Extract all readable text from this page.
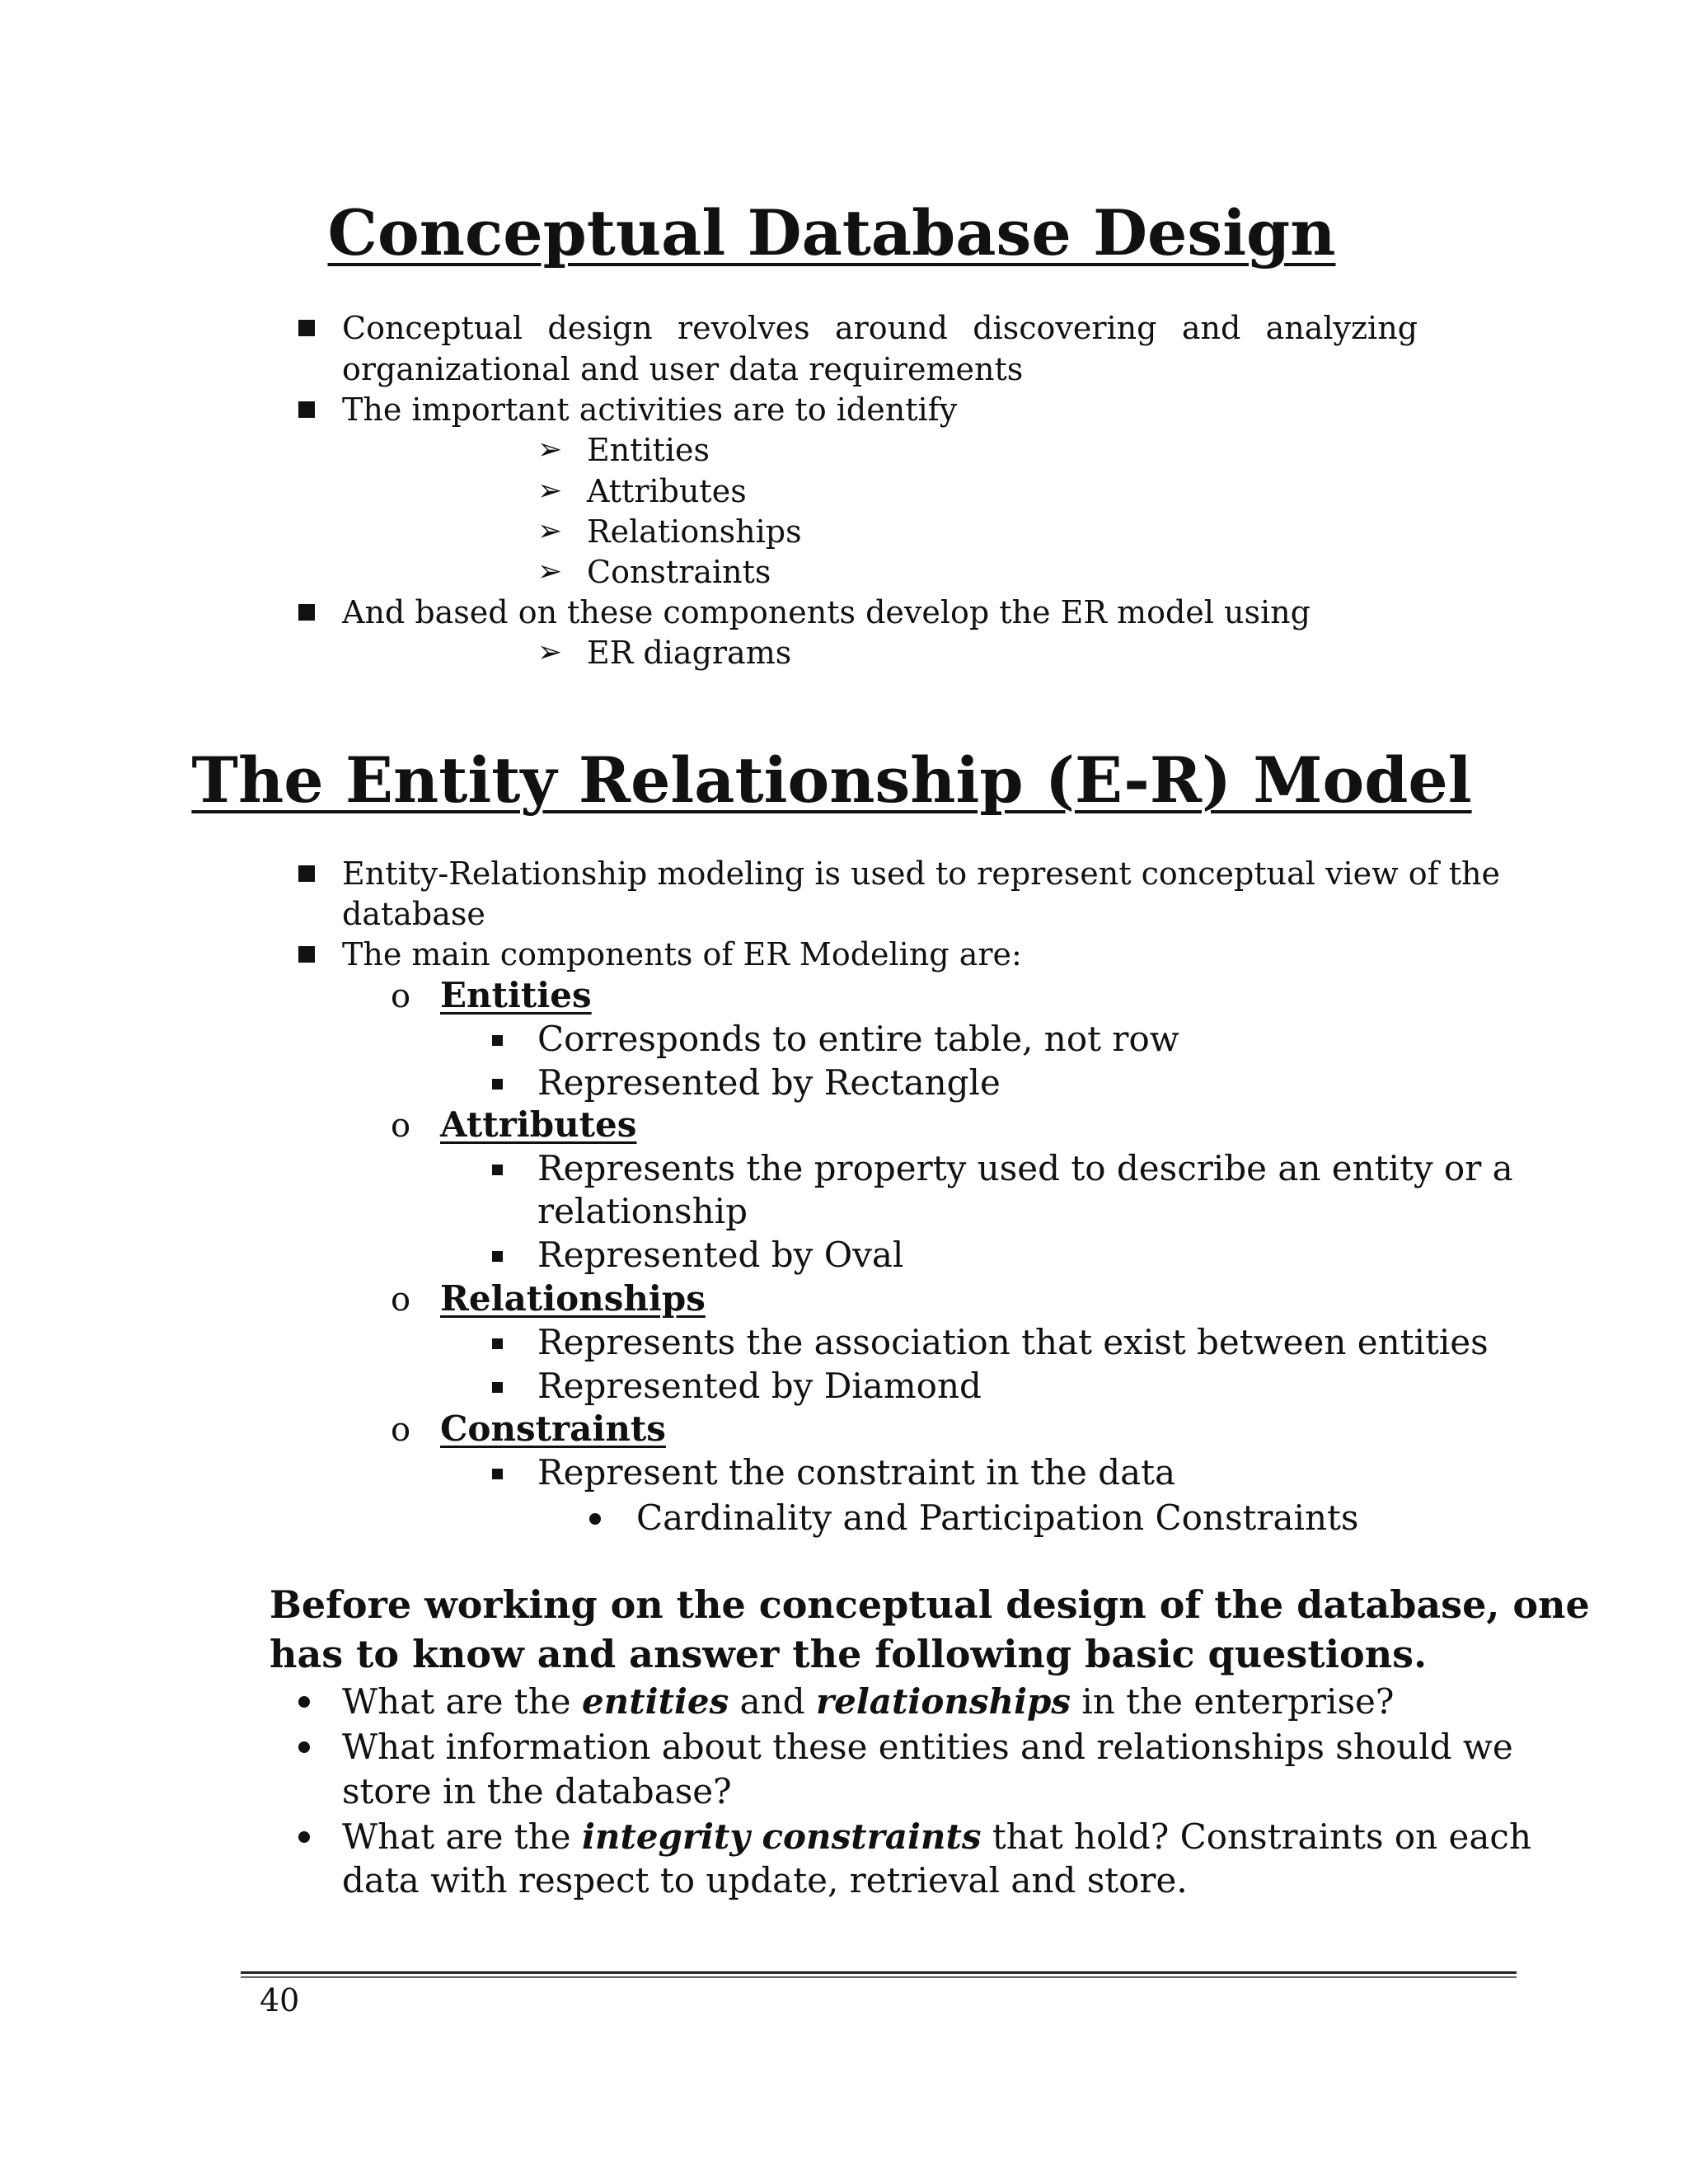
Conceptual Database Design
Conceptual design revolves around discovering and analyzing
organizational and user data requirements
The important activities are to identify
➢ Entities
➢ Attributes
➢ Relationships
➢ Constraints
And based on these components develop the ER model using
➢ ER diagrams
The Entity Relationship (E-R) Model
Entity-Relationship modeling is used to represent conceptual view of the
database
The main components of ER Modeling are:
o Entities
Corresponds to entire table, not row
Represented by Rectangle
o Attributes
Represents the property used to describe an entity or a
relationship
Represented by Oval
o Relationships
Represents the association that exist between entities
Represented by Diamond
o Constraints
Represent the constraint in the data
Cardinality and Participation Constraints
Before working on the conceptual design of the database, one
has to know and answer the following basic questions.
What are the entities and relationships in the enterprise?
What information about these entities and relationships should we
store in the database?
What are the integrity constraints that hold? Constraints on each
data with respect to update, retrieval and store.
40
